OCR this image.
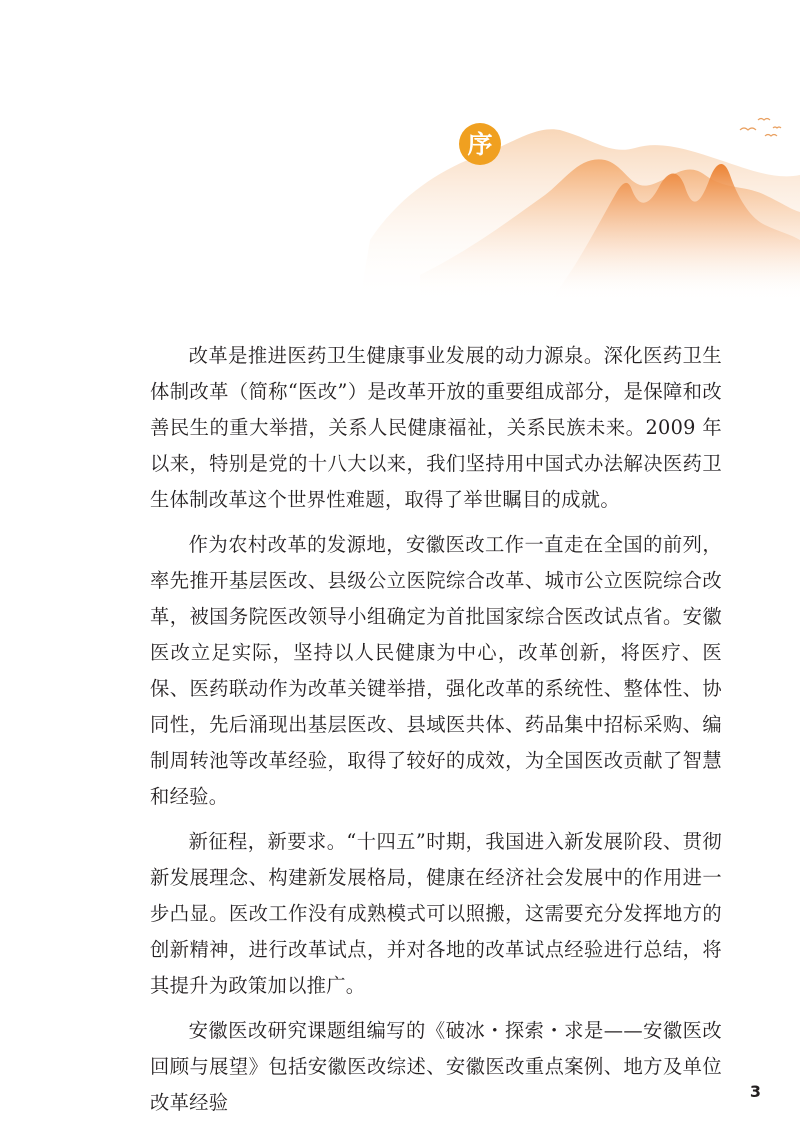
序

改革是推进医药卫生健康事业发展的动力源泉。深化医药卫生体制改革（简称“医改”）是改革开放的重要组成部分，是保障和改善民生的重大举措，关系人民健康福祉，关系民族未来。2009 年以来，特别是党的十八大以来，我们坚持用中国式办法解决医药卫生体制改革这个世界性难题，取得了举世瞩目的成就。

作为农村改革的发源地，安徽医改工作一直走在全国的前列，率先推开基层医改、县级公立医院综合改革、城市公立医院综合改革，被国务院医改领导小组确定为首批国家综合医改试点省。安徽医改立足实际，坚持以人民健康为中心，改革创新，将医疗、医保、医药联动作为改革关键举措，强化改革的系统性、整体性、协同性，先后涌现出基层医改、县域医共体、药品集中招标采购、编制周转池等改革经验，取得了较好的成效，为全国医改贡献了智慧和经验。

新征程，新要求。“十四五”时期，我国进入新发展阶段、贯彻新发展理念、构建新发展格局，健康在经济社会发展中的作用进一步凸显。医改工作没有成熟模式可以照搬，这需要充分发挥地方的创新精神，进行改革试点，并对各地的改革试点经验进行总结，将其提升为政策加以推广。

安徽医改研究课题组编写的《破冰・探索・求是——安徽医改回顾与展望》包括安徽医改综述、安徽医改重点案例、地方及单位改革经验	3
